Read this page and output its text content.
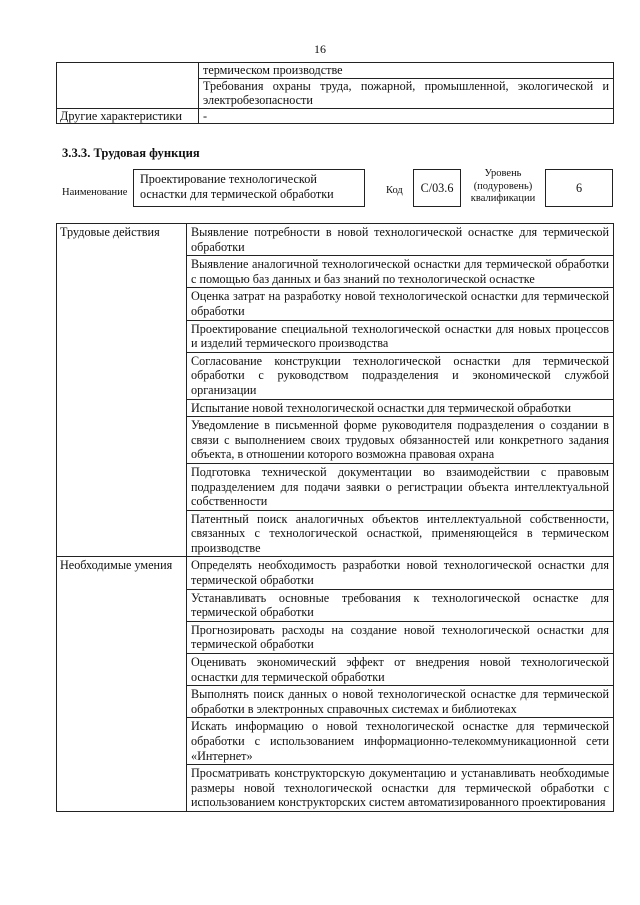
16
	термическом производстве
	Требования охраны труда, пожарной, промышленной, экологической и электробезопасности
Другие характеристики	-
3.3.3. Трудовая функция
Наименование
Проектирование технологической оснастки для термической обработки	Код	С/03.6
Уровень (подуровень) квалификации
6
Трудовые действия	Выявление потребности в новой технологической оснастке для термической обработки
	Выявление аналогичной технологической оснастки для термической обработки с помощью баз данных и баз знаний по технологической оснастке
	Оценка затрат на разработку новой технологической оснастки для термической обработки
	Проектирование специальной технологической оснастки для новых процессов и изделий термического производства
	Согласование конструкции технологической оснастки для термической обработки с руководством подразделения и экономической службой организации
	Испытание новой технологической оснастки для термической обработки
	Уведомление в письменной форме руководителя подразделения о создании в связи с выполнением своих трудовых обязанностей или конкретного задания объекта, в отношении которого возможна правовая охрана
	Подготовка технической документации во взаимодействии с правовым подразделением для подачи заявки о регистрации объекта интеллектуальной собственности
	Патентный поиск аналогичных объектов интеллектуальной собственности, связанных с технологической оснасткой, применяющейся в термическом производстве
Необходимые умения	Определять необходимость разработки новой технологической оснастки для термической обработки
	Устанавливать основные требования к технологической оснастке для термической обработки
	Прогнозировать расходы на создание новой технологической оснастки для термической обработки
	Оценивать экономический эффект от внедрения новой технологической оснастки для термической обработки
	Выполнять поиск данных о новой технологической оснастке для термической обработки в электронных справочных системах и библиотеках
	Искать информацию о новой технологической оснастке для термической обработки с использованием информационно-телекоммуникационной сети «Интернет»
	Просматривать конструкторскую документацию и устанавливать необходимые размеры новой технологической оснастки для термической обработки с использованием конструкторских систем автоматизированного проектирования
